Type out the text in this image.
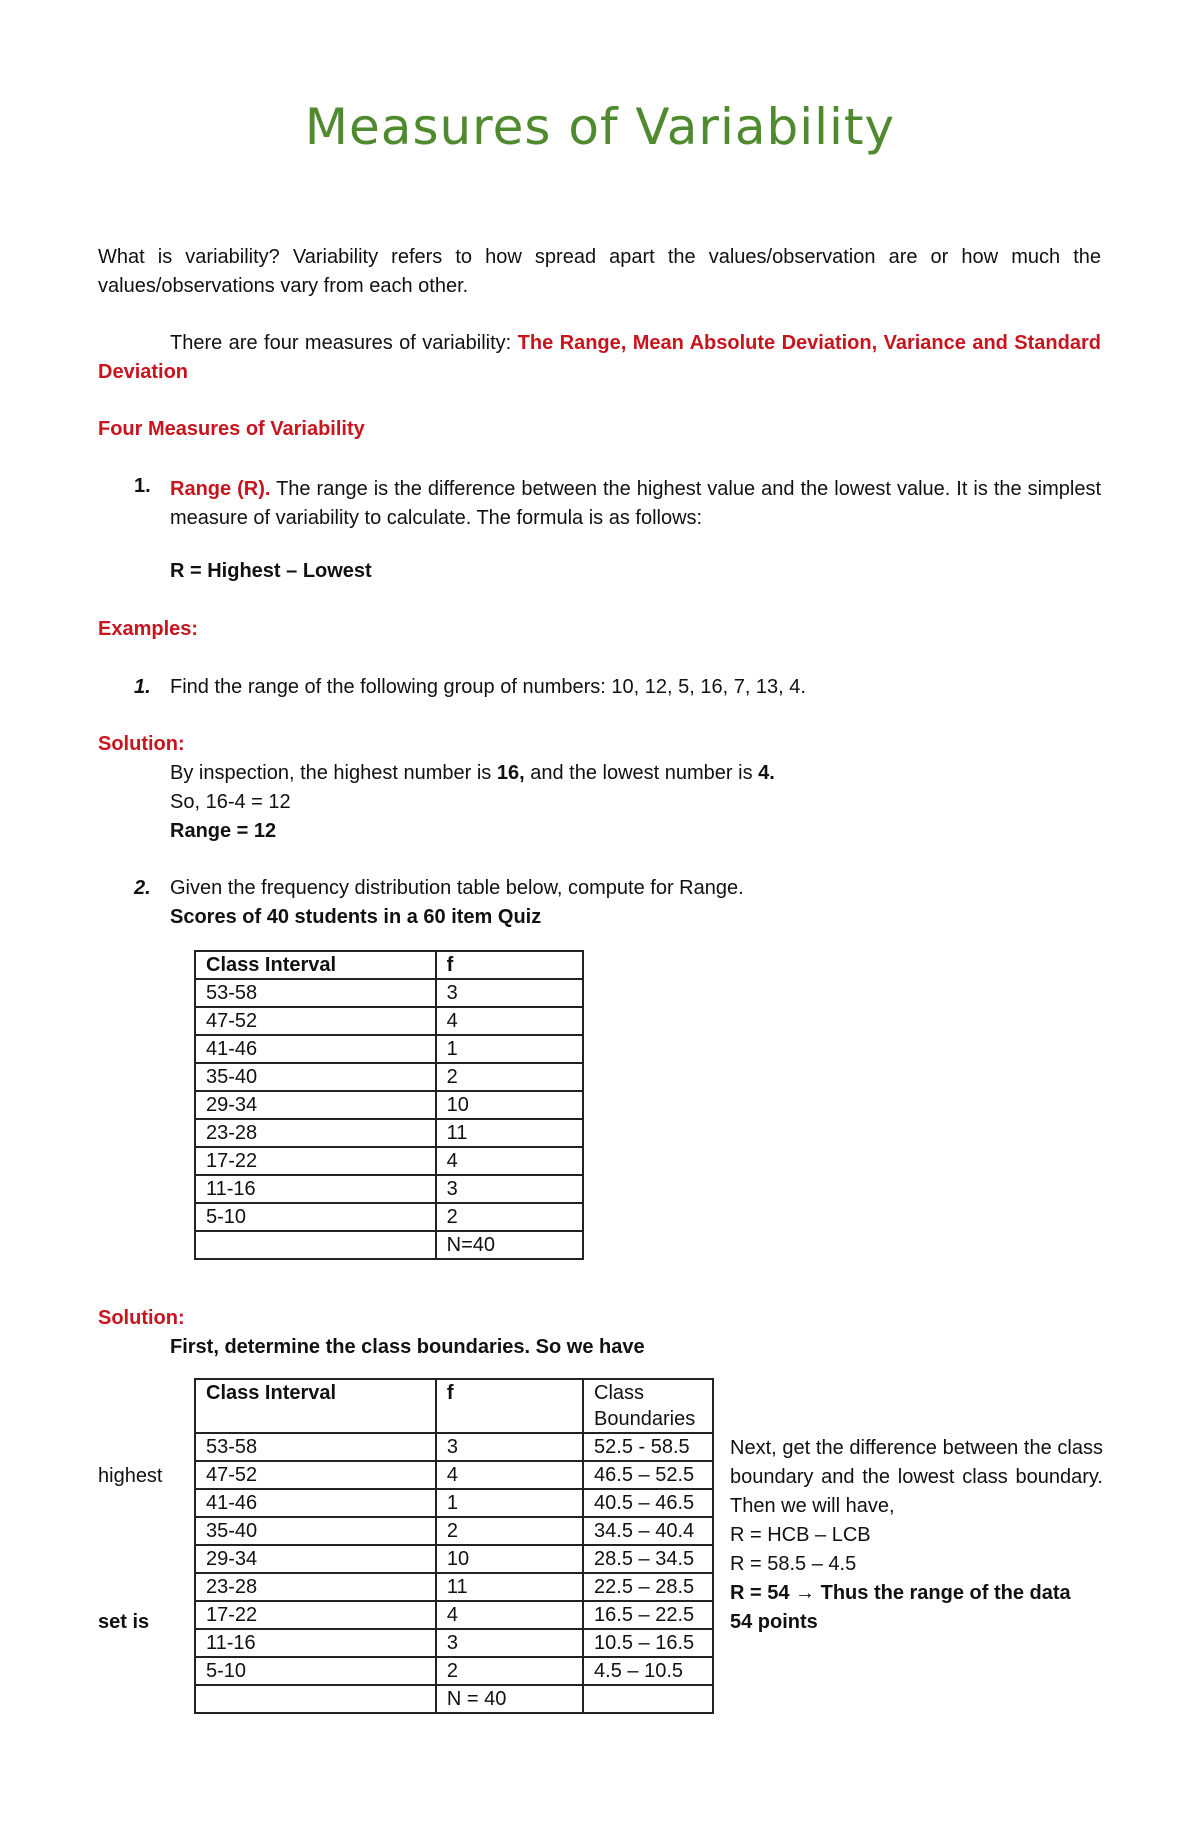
Measures of Variability
What is variability? Variability refers to how spread apart the values/observation are or how much the values/observations vary from each other.
There are four measures of variability: The Range, Mean Absolute Deviation, Variance and Standard Deviation
Four Measures of Variability
1. Range (R). The range is the difference between the highest value and the lowest value. It is the simplest measure of variability to calculate. The formula is as follows:
R = Highest – Lowest
Examples:
1. Find the range of the following group of numbers: 10, 12, 5, 16, 7, 13, 4.
Solution:
By inspection, the highest number is 16, and the lowest number is 4.
So, 16-4 = 12
Range = 12
2. Given the frequency distribution table below, compute for Range.
Scores of 40 students in a 60 item Quiz
Class Interval	f
53-58	3
47-52	4
41-46	1
35-40	2
29-34	10
23-28	11
17-22	4
11-16	3
5-10	2
	N=40
Solution:
First, determine the class boundaries. So we have
Class Interval	f	Class Boundaries
53-58	3	52.5 - 58.5
47-52	4	46.5 – 52.5
41-46	1	40.5 – 46.5
35-40	2	34.5 – 40.4
29-34	10	28.5 – 34.5
23-28	11	22.5 – 28.5
17-22	4	16.5 – 22.5
11-16	3	10.5 – 16.5
5-10	2	4.5 – 10.5
	N = 40	
highest
set is
Next, get the difference between the class boundary and the lowest class boundary. Then we will have,
R = HCB – LCB
R = 58.5 – 4.5
R = 54 → Thus the range of the data
54 points
